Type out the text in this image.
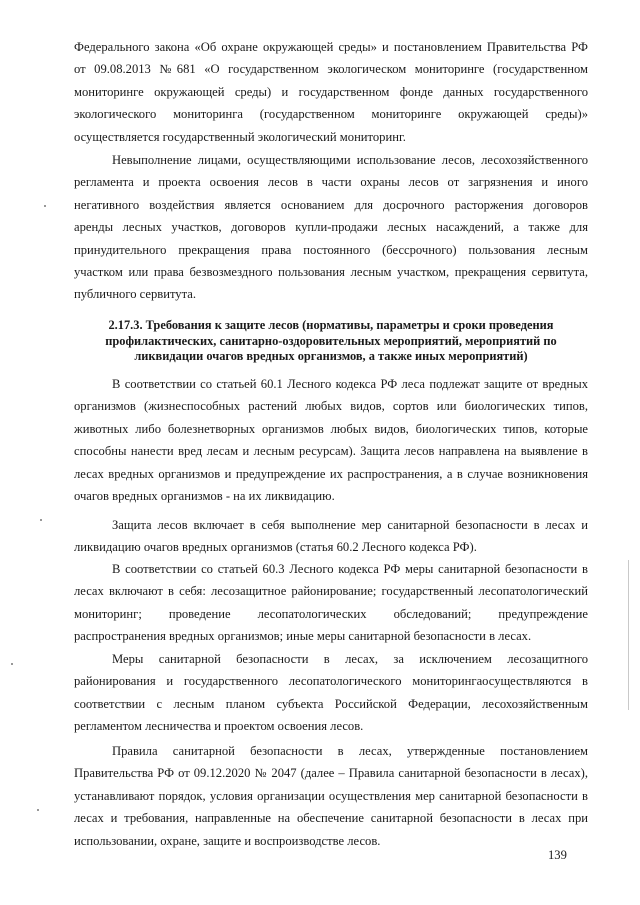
Федерального закона «Об охране окружающей среды» и постановлением Правительства РФ
от 09.08.2013 №681 «О государственном экологическом мониторинге (государственном
мониторинге окружающей среды) и государственном фонде данных государственного
экологического мониторинга (государственном мониторинге окружающей среды)»
осуществляется государственный экологический мониторинг.
Невыполнение лицами, осуществляющими использование лесов, лесохозяйственного
регламента и проекта освоения лесов в части охраны лесов от загрязнения и иного
негативного воздействия является основанием для досрочного расторжения договоров
аренды лесных участков, договоров купли-продажи лесных насаждений, а также для
принудительного прекращения права постоянного (бессрочного) пользования лесным
участком или права безвозмездного пользования лесным участком, прекращения сервитута,
публичного сервитута.
2.17.3. Требования к защите лесов (нормативы, параметры и сроки проведения
профилактических, санитарно-оздоровительных мероприятий, мероприятий по
ликвидации очагов вредных организмов, а также иных мероприятий)
В соответствии со статьей 60.1 Лесного кодекса РФ леса подлежат защите от вредных
организмов (жизнеспособных растений любых видов, сортов или биологических типов,
животных либо болезнетворных организмов любых видов, биологических типов, которые
способны нанести вред лесам и лесным ресурсам). Защита лесов направлена на выявление в
лесах вредных организмов и предупреждение их распространения, а в случае возникновения
очагов вредных организмов - на их ликвидацию.
Защита лесов включает в себя выполнение мер санитарной безопасности в лесах и
ликвидацию очагов вредных организмов (статья 60.2 Лесного кодекса РФ).
В соответствии со статьей 60.3 Лесного кодекса РФ меры санитарной безопасности в
лесах включают в себя: лесозащитное районирование; государственный лесопатологический
мониторинг; проведение лесопатологических обследований; предупреждение
распространения вредных организмов; иные меры санитарной безопасности в лесах.
Меры санитарной безопасности в лесах, за исключением лесозащитного
районирования и государственного лесопатологического мониторингаосуществляются в
соответствии с лесным планом субъекта Российской Федерации, лесохозяйственным
регламентом лесничества и проектом освоения лесов.
Правила санитарной безопасности в лесах, утвержденные постановлением
Правительства РФ от 09.12.2020 № 2047 (далее – Правила санитарной безопасности в лесах),
устанавливают порядок, условия организации осуществления мер санитарной безопасности в
лесах и требования, направленные на обеспечение санитарной безопасности в лесах при
использовании, охране, защите и воспроизводстве лесов.
139
